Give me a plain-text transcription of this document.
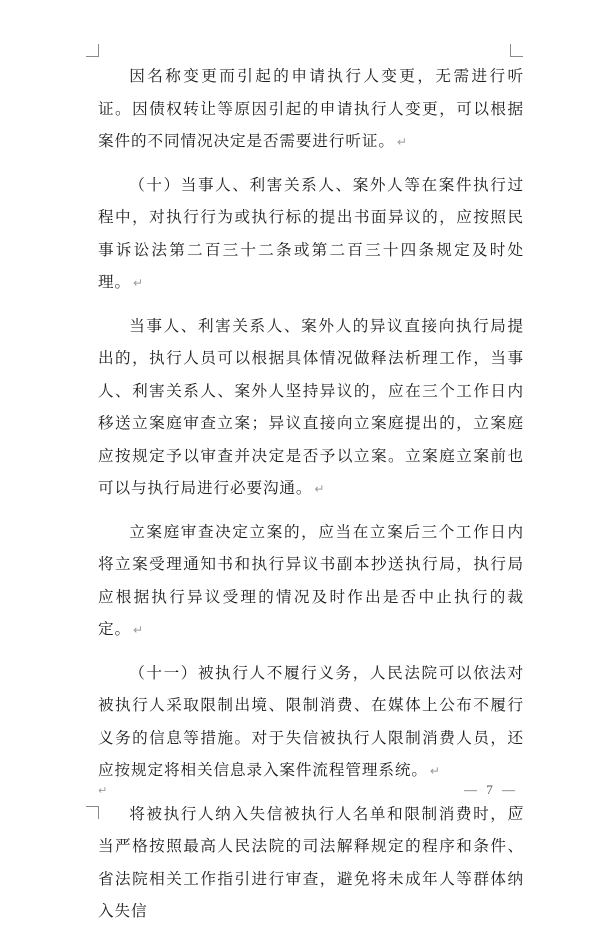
因名称变更而引起的申请执行人变更，无需进行听证。因债权转让等原因引起的申请执行人变更，可以根据案件的不同情况决定是否需要进行听证。 ↵

（十）当事人、利害关系人、案外人等在案件执行过程中，对执行行为或执行标的提出书面异议的，应按照民事诉讼法第二百三十二条或第二百三十四条规定及时处理。 ↵

当事人、利害关系人、案外人的异议直接向执行局提出的，执行人员可以根据具体情况做释法析理工作，当事人、利害关系人、案外人坚持异议的，应在三个工作日内移送立案庭审查立案；异议直接向立案庭提出的，立案庭应按规定予以审查并决定是否予以立案。立案庭立案前也可以与执行局进行必要沟通。 ↵

立案庭审查决定立案的，应当在立案后三个工作日内将立案受理通知书和执行异议书副本抄送执行局，执行局应根据执行异议受理的情况及时作出是否中止执行的裁定。 ↵

（十一）被执行人不履行义务，人民法院可以依法对被执行人采取限制出境、限制消费、在媒体上公布不履行义务的信息等措施。对于失信被执行人限制消费人员，还应按规定将相关信息录入案件流程管理系统。 ↵

将被执行人纳入失信被执行人名单和限制消费时，应当严格按照最高人民法院的司法解释规定的程序和条件、省法院相关工作指引进行审查，避免将未成年人等群体纳入失信

↵	— 7 —
